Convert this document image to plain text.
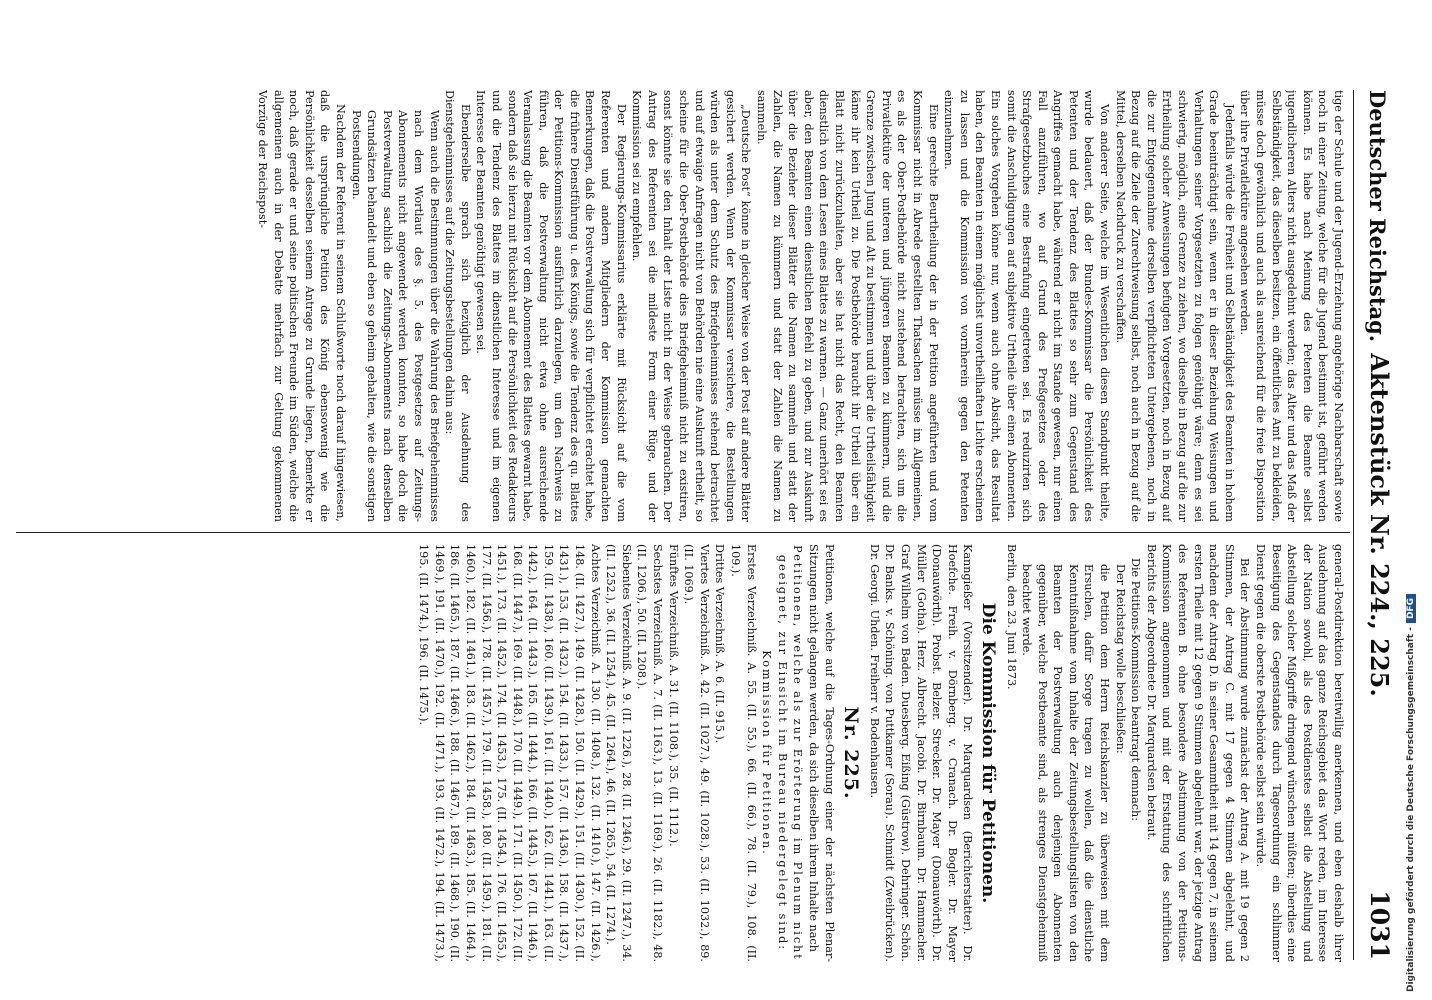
Deutscher Reichstag.
Aktenstück Nr. 224., 225.
1031

tige der Schule und der Jugend-Erziehung angehörige Nachbarschaft sowie noch in einer Zeitung, welche für die Jugend bestimmt ist, geführt werden können. Es habe nach Meinung des Petenten die Beamte selbst jugendlicheren Alters nicht ausgedehnt werden; das Alter und das Maß der Selbständigkeit, das dieselben besitzen, ein öffentliches Amt zu bekleiden, müsse doch gewöhnlich und auch als ausreichend für die freie Disposition über ihre Privatlektüre angesehen werden.

Jedenfalls würde die Freiheit und Selbständigkeit des Beamten in hohem Grade beeinträchtigt sein, wenn er in dieser Beziehung Weisungen und Verhaltungen seiner Vorgesetzten zu folgen genöthigt wäre; denn es sei schwierig, möglich, eine Grenze zu ziehen, wo dieselbe in Bezug auf die zur Ertheilung solcher Anweisungen befugten Vorgesetzten, noch in Bezug auf die zur Entgegennahme derselben verpflichteten Untergebenen, noch in Bezug auf die Ziele der Zurechtweisung selbst, noch auch in Bezug auf die Mittel, derselben Nachdruck zu verschaffen.

Von anderer Seite, welche im Wesentlichen diesen Standpunkt theilte, wurde bedauert, daß der Bundes-Kommissar die Persönlichkeit des Petenten und der Tendenz des Blattes so sehr zum Gegenstand des Angriffes gemacht habe, während er nicht im Stande gewesen, nur einen Fall anzuführen, wo auf Grund des Preßgesetzes oder des Strafgesetzbuches eine Bestrafung eingetreten sei. Es reduzirten sich somit die Anschuldigungen auf subjektive Urtheile über einen Abonnenten. Ein solches Vorgehen könne nur, wenn auch ohne Absicht, das Resultat haben, den Beamten in einem möglichst unvortheilhaften Lichte erscheinen zu lassen und die Kommission von vornherein gegen den Petenten einzunehmen.

Eine gerechte Beurtheilung der in der Petition angeführten und vom Kommissar nicht in Abrede gestellten Thatsachen müsse im Allgemeinen, es als der Ober-Postbehörde nicht zustehend betrachten, sich um die Privatlektüre der unteren und jüngeren Beamten zu kümmern, und die Grenze zwischen Jung und Alt zu bestimmen und über die Urtheilsfähigkeit käme ihr kein Urtheil zu. Die Postbehörde braucht ihr Urtheil über ein Blatt nicht zurückzuhalten, aber sie hat nicht das Recht, den Beamten dienstlich von dem Lesen eines Blattes zu warnen. — Ganz unerhört sei es aber, den Beamten einen dienstlichen Befehl zu geben, und zur Auskunft über die Bezieher dieser Blätter die Namen zu sammeln und statt der Zahlen, die Namen zu kümmern und statt der Zahlen die Namen zu sammeln.

„Deutsche Post“ könne in gleicher Weise von der Post auf andere Blätter gesichert werden. Wenn der Kommissar versichere, die Bestellungen würden als unter dem Schutz des Briefgeheimnisses stehend betrachtet und auf etwaige Anfragen nicht von Behörden nie eine Auskunft ertheilt, so scheine für die Ober-Postbehörde dies Briefgeheimniß nicht zu existiren, sonst könnte sie den Inhalt der Liste nicht in der Weise gebrauchen. Der Antrag des Referenten sei die mildeste Form einer Rüge, und der Kommission sei zu empfehlen.

Der Regierungs-Kommissarius erklärte mit Rücksicht auf die vom Referenten und andern Mitgliedern der Kommission gemachten Bemerkungen, daß die Postverwaltung sich für verpflichtet erachtet habe, die frühere Dienstführung u. des Königs, sowie die Tendenz des qu. Blattes der Petitions-Kommission ausführlich darzulegen, um den Nachweis zu führen, daß die Postverwaltung nicht etwa ohne ausreichende Veranlassung die Beamten vor dem Abonnement des Blattes gewarnt habe, sondern daß sie hierzu mit Rücksicht auf die Persönlichkeit des Redakteurs und die Tendenz des Blattes im dienstlichen Interesse und im eigenen Interesse der Beamten genöthigt gewesen sei.

Ebenderselbe sprach sich bezüglich der Ausdehnung des Dienstgeheimnisses auf die Zeitungsbestellungen dahin aus:

Wenn auch die Bestimmungen über die Wahrung des Briefgeheimnisses nach dem Wortlaut des §. 5. des Postgesetzes auf Zeitungs-Abonnements nicht angewendet werden konnten, so habe doch die Postverwaltung sachlich die Zeitungs-Abonnements nach denselben Grundsätzen behandelt und eben so geheim gehalten, wie die sonstigen Postsendungen.

Nachdem der Referent in seinem Schlußworte noch darauf hingewiesen, daß die ursprüngliche Petition des König ebensowenig wie die Persönlichkeit desselben seinem Antrage zu Grunde liegen, bemerkte er noch, daß gerade er und seine politischen Freunde im Süden, welche die allgemeinen auch in der Debatte mehrfach zur Geltung gekommenen Vorzüge der Reichspost-

general-Postdirektion bereitwillig anerkennen, und eben deshalb ihrer Ausdehnung auf das ganze Reichsgebiet das Wort reden, im Interesse der Nation sowohl, als des Postdienstes selbst die Abstellung und Abstellung solcher Mißgriffe dringend wünschen müßten; überdies eine Beseitigung des Gegenstandes durch Tagesordnung ein schlimmer Dienst gegen die oberste Postbehörde selbst sein würde.

Bei der Abstimmung wurde zunächst der Antrag A. mit 19 gegen 2 Stimmen, der Antrag C. mit 17 gegen 4 Stimmen abgelehnt, und nachdem der Antrag D. in seiner Gesammtheit mit 14 gegen 7, in seinem ersten Theile mit 12 gegen 9 Stimmen abgelehnt war, der jetzige Antrag des Referenten B. ohne besondere Abstimmung von der Petitions-Kommission angenommen und mit der Erstattung des schriftlichen Berichts der Abgeordnete Dr. Marquardsen betraut.

Die Petitions-Kommission beantragt demnach:

Der Reichstag wolle beschließen:

die Petition dem Herrn Reichskanzler zu überweisen mit dem Ersuchen, dafür Sorge tragen zu wollen, daß die dienstliche Kenntnißnahme vom Inhalte der Zeitungsbestellungslisten von den Beamten der Postverwaltung auch denjenigen Abonnenten gegenüber, welche Postbeamte sind, als strenges Dienstgeheimniß beachtet werde.

Berlin, den 23. Juni 1873.

Die Kommission für Petitionen.

Kanngießer (Vorsitzender). Dr. Marquardsen (Berichterstatter). Dr. Hoefche. Freih. v. Dörnberg. v. Cranach. Dr. Bogler. Dr. Mayer (Donauwörth). Probst. Belzer. Strecker. Dr. Mayer (Donauwörth). Dr. Müller (Gotha). Herz. Albrecht. Jacobi. Dr. Birnbaum. Dr. Hammacher. Graf Wilhelm von Baden. Duesberg. Eißing (Güstrow). Dehringer. Schön. Dr. Banks. v. Schöning. von Puttkamer (Sorau). Schmidt (Zweibrücken). Dr. Georgi. Uhden. Freiherr v. Bodenhausen.

Nr. 225.

Petitionen, welche auf die Tages-Ordnung einer der nächsten Plenar-Sitzungen nicht gelangen werden, da sich dieselben ihrem Inhalte nach

Petitionen, welche als zur Erörterung im Plenum nicht geeignet, zur Einsicht im Bureau niedergelegt sind:

Kommission für Petitionen.

Erstes Verzeichniß. A. 55. (II. 55.), 66. (II. 66.), 78. (II. 79.), 108. (II. 109.).

Drittes Verzeichniß. A. 6. (II. 915.).

Viertes Verzeichniß. A. 42. (II. 1027.), 49. (II. 1028.), 53. (II. 1032.), 89. (II. 1069.).

Fünftes Verzeichniß. A. 31. (II. 1108.), 35. (II. 1112.).

Sechstes Verzeichniß. A. 7. (II. 1163.), 13. (II. 1169.), 26. (II. 1182.), 48. (II. 1206.), 50. (II. 1208.).

Siebentes Verzeichniß. A. 9. (II. 1226.), 28. (II. 1246.), 29. (II. 1247.), 34. (II. 1252.), 36. (II. 1254.), 45. (II. 1264.), 46. (II. 1265.), 54. (II. 1274.).

Achtes Verzeichniß. A. 130. (II. 1408.), 132. (II. 1410.), 147. (II. 1426.), 148. (II. 1427.), 149. (II. 1428.), 150. (II. 1429.), 151. (II. 1430.), 152. (II. 1431.), 153. (II. 1432.), 154. (II. 1433.), 157. (II. 1436.), 158. (II. 1437.), 159. (II. 1438.), 160. (II. 1439.), 161. (II. 1440.), 162. (II. 1441.), 163. (II. 1442.), 164. (II. 1443.), 165. (II. 1444.), 166. (II. 1445.), 167. (II. 1446.), 168. (II. 1447.), 169. (II. 1448.), 170. (II. 1449.), 171. (II. 1450.), 172. (II. 1451.), 173. (II. 1452.), 174. (II. 1453.), 175. (II. 1454.), 176. (II. 1455.), 177. (II. 1456.), 178. (II. 1457.), 179. (II. 1458.), 180. (II. 1459.), 181. (II. 1460.), 182. (II. 1461.), 183. (II. 1462.), 184. (II. 1463.), 185. (II. 1464.), 186. (II. 1465.), 187. (II. 1466.), 188. (II. 1467.), 189. (II. 1468.), 190. (II. 1469.), 191. (II. 1470.), 192. (II. 1471.), 193. (II. 1472.), 194. (II. 1473.), 195. (II. 1474.), 196. (II. 1475.).	Digitalisierung gefördert durch die Deutsche Forschungsgemeinschaft -DFG
